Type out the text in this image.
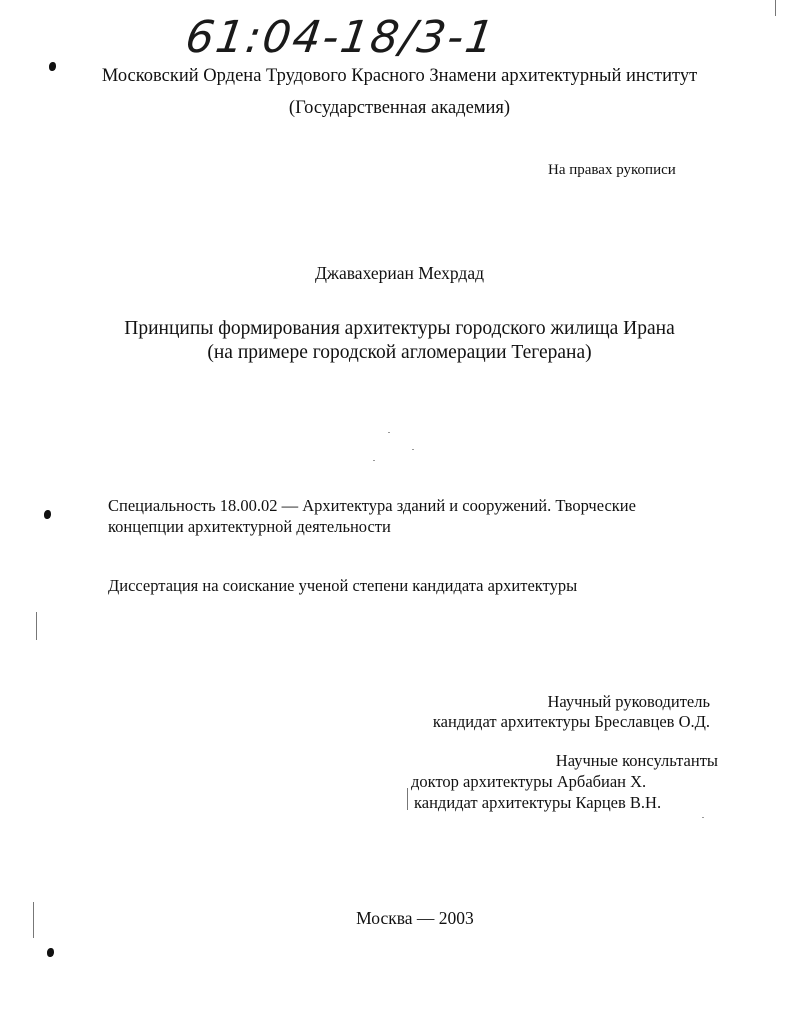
61:04-18/3-1
Московский Ордена Трудового Красного Знамени архитектурный институт
(Государственная академия)
На правах рукописи
Джавахериан Мехрдад
Принципы формирования архитектуры городского жилища Ирана
(на примере городской агломерации Тегерана)
Специальность 18.00.02 — Архитектура зданий и сооружений. Творческие
концепции архитектурной деятельности
Диссертация на соискание ученой степени кандидата архитектуры
Научный руководитель
кандидат архитектуры Бреславцев О.Д.
Научные консультанты
доктор архитектуры Арбабиан Х.
кандидат архитектуры Карцев В.Н.
Москва — 2003
